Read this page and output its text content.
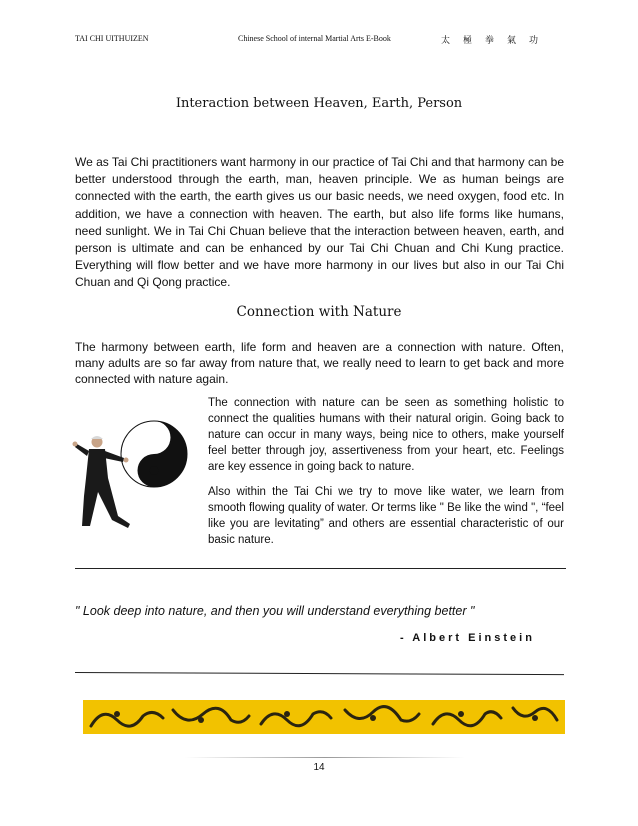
TAI CHI UITHUIZEN	Chinese School of internal Martial Arts E-Book	太 極 拳 氣 功
Interaction between Heaven, Earth, Person
We as Tai Chi practitioners want harmony in our practice of Tai Chi and that harmony can be better understood through the earth, man, heaven principle. We as human beings are connected with the earth, the earth gives us our basic needs, we need oxygen, food etc. In addition, we have a connection with heaven. The earth, but also life forms like humans, need sunlight. We in Tai Chi Chuan believe that the interaction between heaven, earth, and person is ultimate and can be enhanced by our Tai Chi Chuan and Chi Kung practice. Everything will flow better and we have more harmony in our lives but also in our Tai Chi Chuan and Qi Qong practice.
Connection with Nature
The harmony between earth, life form and heaven are a connection with nature. Often, many adults are so far away from nature that, we really need to learn to get back and more connected with nature again.
The connection with nature can be seen as something holistic to connect the qualities humans with their natural origin. Going back to nature can occur in many ways, being nice to others, make yourself feel better through joy, assertiveness from your heart, etc. Feelings are key essence in going back to nature.
Also within the Tai Chi we try to move like water, we learn from smooth flowing quality of water. Or terms like " Be like the wind ", “feel like you are levitating” and others are essential characteristic of our basic nature.
" Look deep into nature, and then you will understand everything better "
- Albert Einstein
14
